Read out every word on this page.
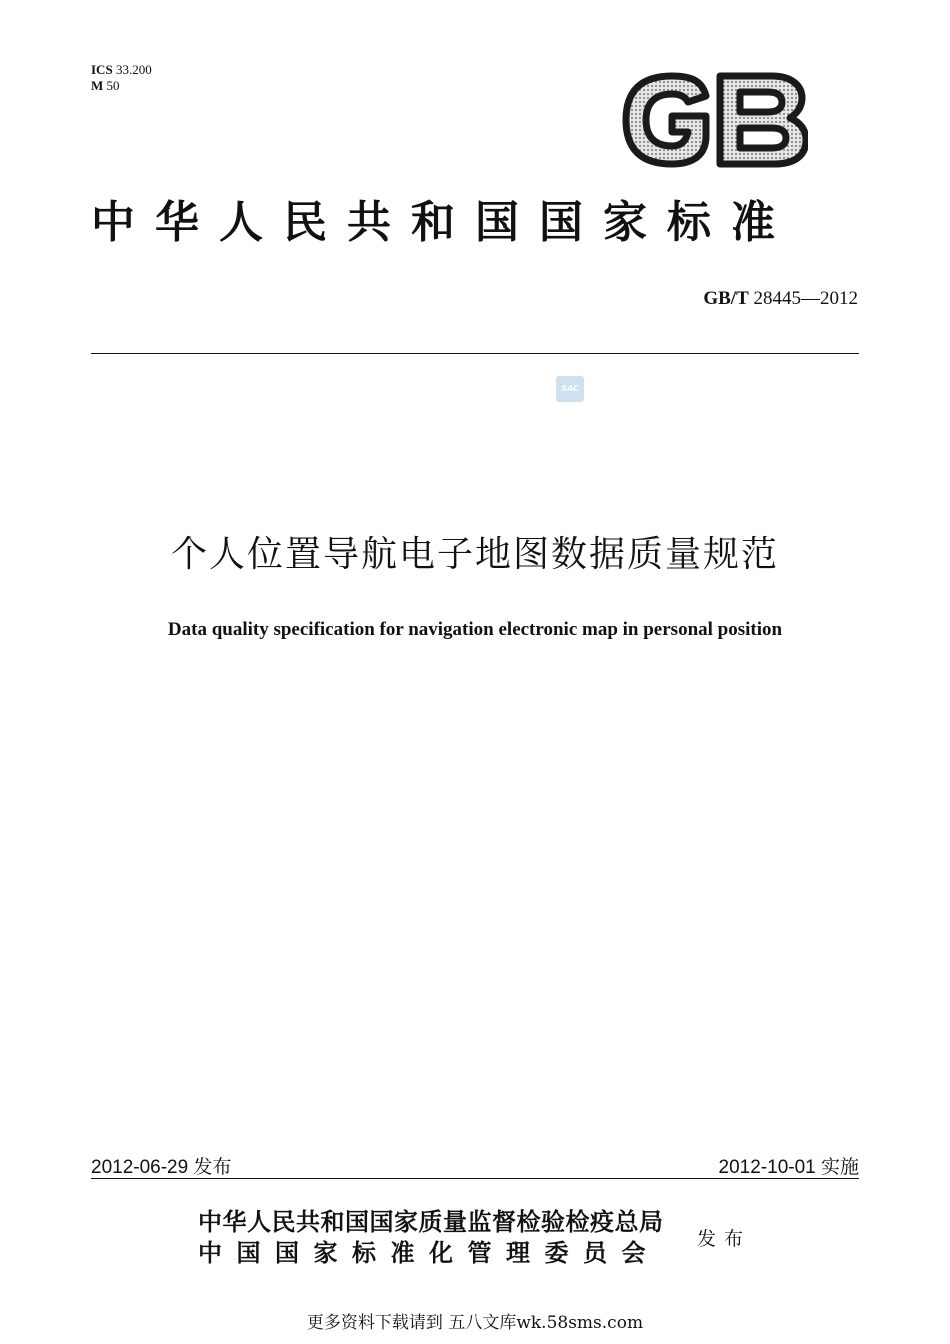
ICS 33.200
M 50
中华人民共和国国家标准
GB/T 28445—2012
SAC
个人位置导航电子地图数据质量规范
Data quality specification for navigation electronic map in personal position
2012-06-29 发布	2012-10-01 实施
中华人民共和国国家质量监督检验检疫总局
中国国家标准化管理委员会 发布
更多资料下载请到 五八文库wk.58sms.com
